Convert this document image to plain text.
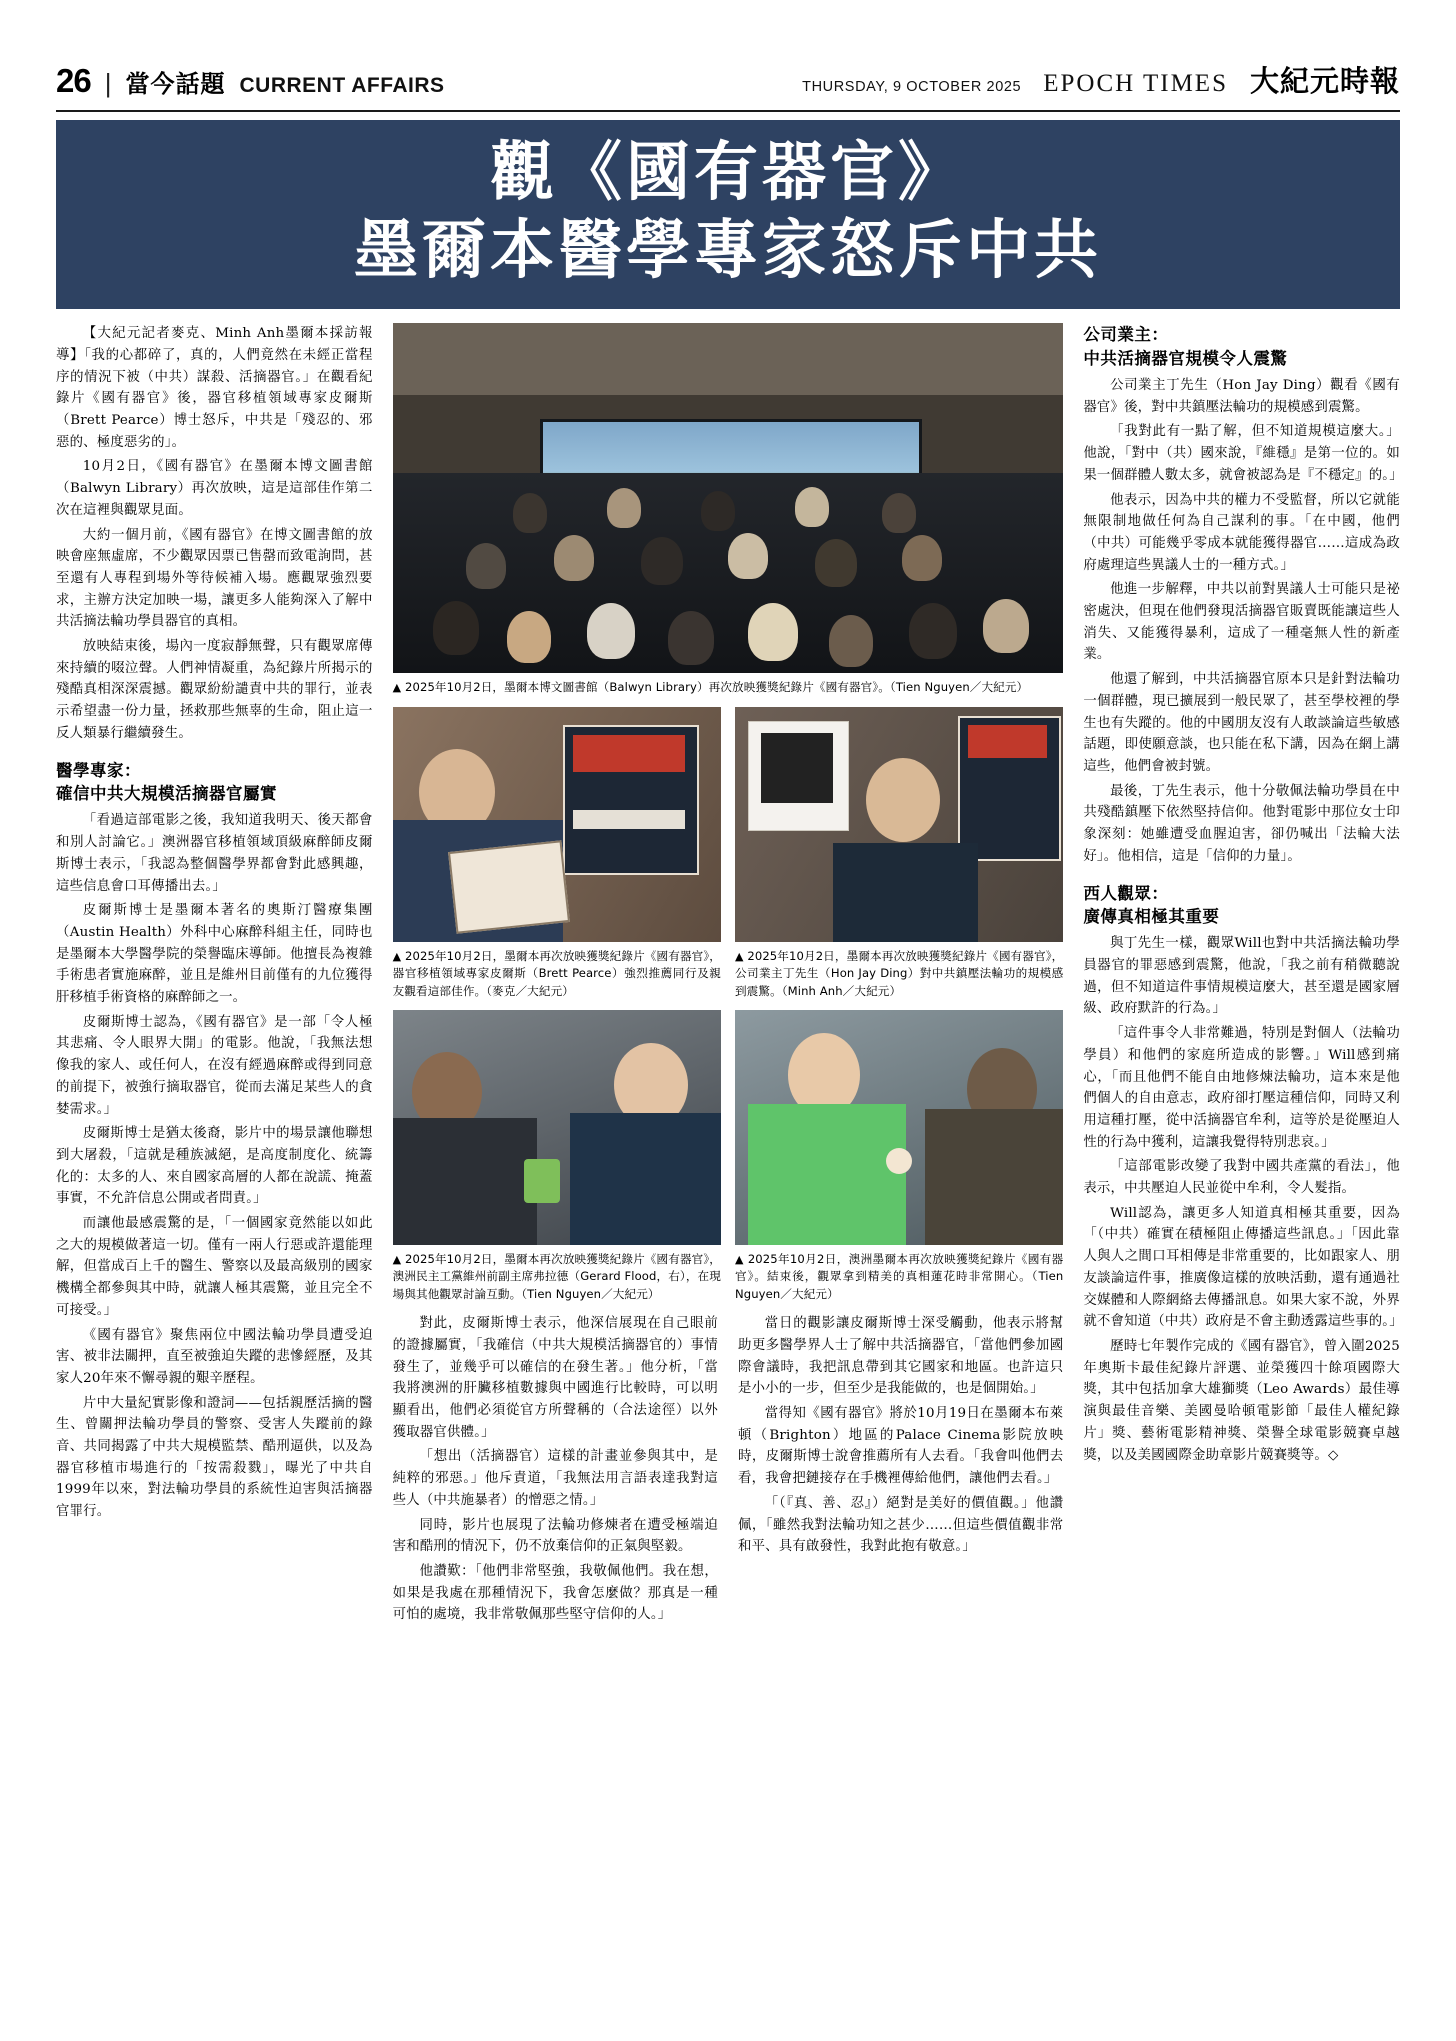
26 | 當今話題 CURRENT AFFAIRS	THURSDAY, 9 OCTOBER 2025 EPOCH TIMES 大紀元時報
觀《國有器官》
墨爾本醫學專家怒斥中共

【大紀元記者麥克、Minh Anh墨爾本採訪報導】「我的心都碎了，真的，人們竟然在未經正當程序的情況下被（中共）謀殺、活摘器官。」在觀看紀錄片《國有器官》後，器官移植領域專家皮爾斯（Brett Pearce）博士怒斥，中共是「殘忍的、邪惡的、極度惡劣的」。

10月2日，《國有器官》在墨爾本博文圖書館（Balwyn Library）再次放映，這是這部佳作第二次在這裡與觀眾見面。

大約一個月前，《國有器官》在博文圖書館的放映會座無虛席，不少觀眾因票已售罄而致電詢問，甚至還有人專程到場外等待候補入場。應觀眾強烈要求，主辦方決定加映一場，讓更多人能夠深入了解中共活摘法輪功學員器官的真相。

放映結束後，場內一度寂靜無聲，只有觀眾席傳來持續的啜泣聲。人們神情凝重，為紀錄片所揭示的殘酷真相深深震撼。觀眾紛紛譴責中共的罪行，並表示希望盡一份力量，拯救那些無辜的生命，阻止這一反人類暴行繼續發生。

醫學專家：
確信中共大規模活摘器官屬實

「看過這部電影之後，我知道我明天、後天都會和別人討論它。」澳洲器官移植領域頂級麻醉師皮爾斯博士表示，「我認為整個醫學界都會對此感興趣，這些信息會口耳傳播出去。」

皮爾斯博士是墨爾本著名的奧斯汀醫療集團（Austin Health）外科中心麻醉科組主任，同時也是墨爾本大學醫學院的榮譽臨床導師。他擅長為複雜手術患者實施麻醉，並且是維州目前僅有的九位獲得肝移植手術資格的麻醉師之一。

皮爾斯博士認為，《國有器官》是一部「令人極其悲痛、令人眼界大開」的電影。他說，「我無法想像我的家人、或任何人，在沒有經過麻醉或得到同意的前提下，被強行摘取器官，從而去滿足某些人的貪婪需求。」

皮爾斯博士是猶太後裔，影片中的場景讓他聯想到大屠殺，「這就是種族滅絕，是高度制度化、統籌化的：太多的人、來自國家高層的人都在說謊、掩蓋事實，不允許信息公開或者問責。」

而讓他最感震驚的是，「一個國家竟然能以如此之大的規模做著這一切。僅有一兩人行惡或許還能理解，但當成百上千的醫生、警察以及最高級別的國家機構全都參與其中時，就讓人極其震驚，並且完全不可接受。」

《國有器官》聚焦兩位中國法輪功學員遭受迫害、被非法關押，直至被強迫失蹤的悲慘經歷，及其家人20年來不懈尋親的艱辛歷程。

片中大量紀實影像和證詞——包括親歷活摘的醫生、曾關押法輪功學員的警察、受害人失蹤前的錄音、共同揭露了中共大規模監禁、酷刑逼供，以及為器官移植市場進行的「按需殺戮」，曝光了中共自1999年以來，對法輪功學員的系統性迫害與活摘器官罪行。

▲ 2025年10月2日，墨爾本博文圖書館（Balwyn Library）再次放映獲獎紀錄片《國有器官》。（Tien Nguyen／大紀元）
▲ 2025年10月2日，墨爾本再次放映獲獎紀錄片《國有器官》，器官移植領域專家皮爾斯（Brett Pearce）強烈推薦同行及親友觀看這部佳作。（麥克／大紀元）
▲ 2025年10月2日，墨爾本再次放映獲獎紀錄片《國有器官》，公司業主丁先生（Hon Jay Ding）對中共鎮壓法輪功的規模感到震驚。（Minh Anh／大紀元）
▲ 2025年10月2日，墨爾本再次放映獲獎紀錄片《國有器官》，澳洲民主工黨維州前副主席弗拉德（Gerard Flood，右），在現場與其他觀眾討論互動。（Tien Nguyen／大紀元）
▲ 2025年10月2日，澳洲墨爾本再次放映獲獎紀錄片《國有器官》。結束後，觀眾拿到精美的真相蓮花時非常開心。（Tien Nguyen／大紀元）

對此，皮爾斯博士表示，他深信展現在自己眼前的證據屬實，「我確信（中共大規模活摘器官的）事情發生了，並幾乎可以確信的在發生著。」他分析，「當我將澳洲的肝臟移植數據與中國進行比較時，可以明顯看出，他們必須從官方所聲稱的（合法途徑）以外獲取器官供體。」

「想出（活摘器官）這樣的計畫並參與其中，是純粹的邪惡。」他斥責道，「我無法用言語表達我對這些人（中共施暴者）的憎惡之情。」

同時，影片也展現了法輪功修煉者在遭受極端迫害和酷刑的情況下，仍不放棄信仰的正氣與堅毅。

他讚歎：「他們非常堅強，我敬佩他們。我在想，如果是我處在那種情況下，我會怎麼做？那真是一種可怕的處境，我非常敬佩那些堅守信仰的人。」

當日的觀影讓皮爾斯博士深受觸動，他表示將幫助更多醫學界人士了解中共活摘器官，「當他們參加國際會議時，我把訊息帶到其它國家和地區。也許這只是小小的一步，但至少是我能做的，也是個開始。」

當得知《國有器官》將於10月19日在墨爾本布萊頓（Brighton）地區的Palace Cinema影院放映時，皮爾斯博士說會推薦所有人去看。「我會叫他們去看，我會把鏈接存在手機裡傳給他們，讓他們去看。」

「（『真、善、忍』）絕對是美好的價值觀。」他讚佩，「雖然我對法輪功知之甚少……但這些價值觀非常和平、具有啟發性，我對此抱有敬意。」

公司業主：
中共活摘器官規模令人震驚

公司業主丁先生（Hon Jay Ding）觀看《國有器官》後，對中共鎮壓法輪功的規模感到震驚。

「我對此有一點了解，但不知道規模這麼大。」他說，「對中（共）國來說，『維穩』是第一位的。如果一個群體人數太多，就會被認為是『不穩定』的。」

他表示，因為中共的權力不受監督，所以它就能無限制地做任何為自己謀利的事。「在中國，他們（中共）可能幾乎零成本就能獲得器官……這成為政府處理這些異議人士的一種方式。」

他進一步解釋，中共以前對異議人士可能只是祕密處決，但現在他們發現活摘器官販賣既能讓這些人消失、又能獲得暴利，這成了一種毫無人性的新產業。

他還了解到，中共活摘器官原本只是針對法輪功一個群體，現已擴展到一般民眾了，甚至學校裡的學生也有失蹤的。他的中國朋友沒有人敢談論這些敏感話題，即使願意談，也只能在私下講，因為在網上講這些，他們會被封號。

最後，丁先生表示，他十分敬佩法輪功學員在中共殘酷鎮壓下依然堅持信仰。他對電影中那位女士印象深刻：她雖遭受血腥迫害，卻仍喊出「法輪大法好」。他相信，這是「信仰的力量」。

西人觀眾：
廣傳真相極其重要

與丁先生一樣，觀眾Will也對中共活摘法輪功學員器官的罪惡感到震驚，他說，「我之前有稍微聽說過，但不知道這件事情規模這麼大，甚至還是國家層級、政府默許的行為。」

「這件事令人非常難過，特別是對個人（法輪功學員）和他們的家庭所造成的影響。」Will感到痛心，「而且他們不能自由地修煉法輪功，這本來是他們個人的自由意志，政府卻打壓這種信仰，同時又利用這種打壓，從中活摘器官牟利，這等於是從壓迫人性的行為中獲利，這讓我覺得特別悲哀。」

「這部電影改變了我對中國共產黨的看法」，他表示，中共壓迫人民並從中牟利，令人髮指。

Will認為，讓更多人知道真相極其重要，因為「（中共）確實在積極阻止傳播這些訊息。」「因此靠人與人之間口耳相傳是非常重要的，比如跟家人、朋友談論這件事，推廣像這樣的放映活動，還有通過社交媒體和人際網絡去傳播訊息。如果大家不說，外界就不會知道（中共）政府是不會主動透露這些事的。」

歷時七年製作完成的《國有器官》，曾入圍2025年奧斯卡最佳紀錄片評選、並榮獲四十餘項國際大獎，其中包括加拿大雄獅獎（Leo Awards）最佳導演與最佳音樂、美國曼哈頓電影節「最佳人權紀錄片」獎、藝術電影精神獎、榮譽全球電影競賽卓越獎，以及美國國際金助章影片競賽獎等。◇
